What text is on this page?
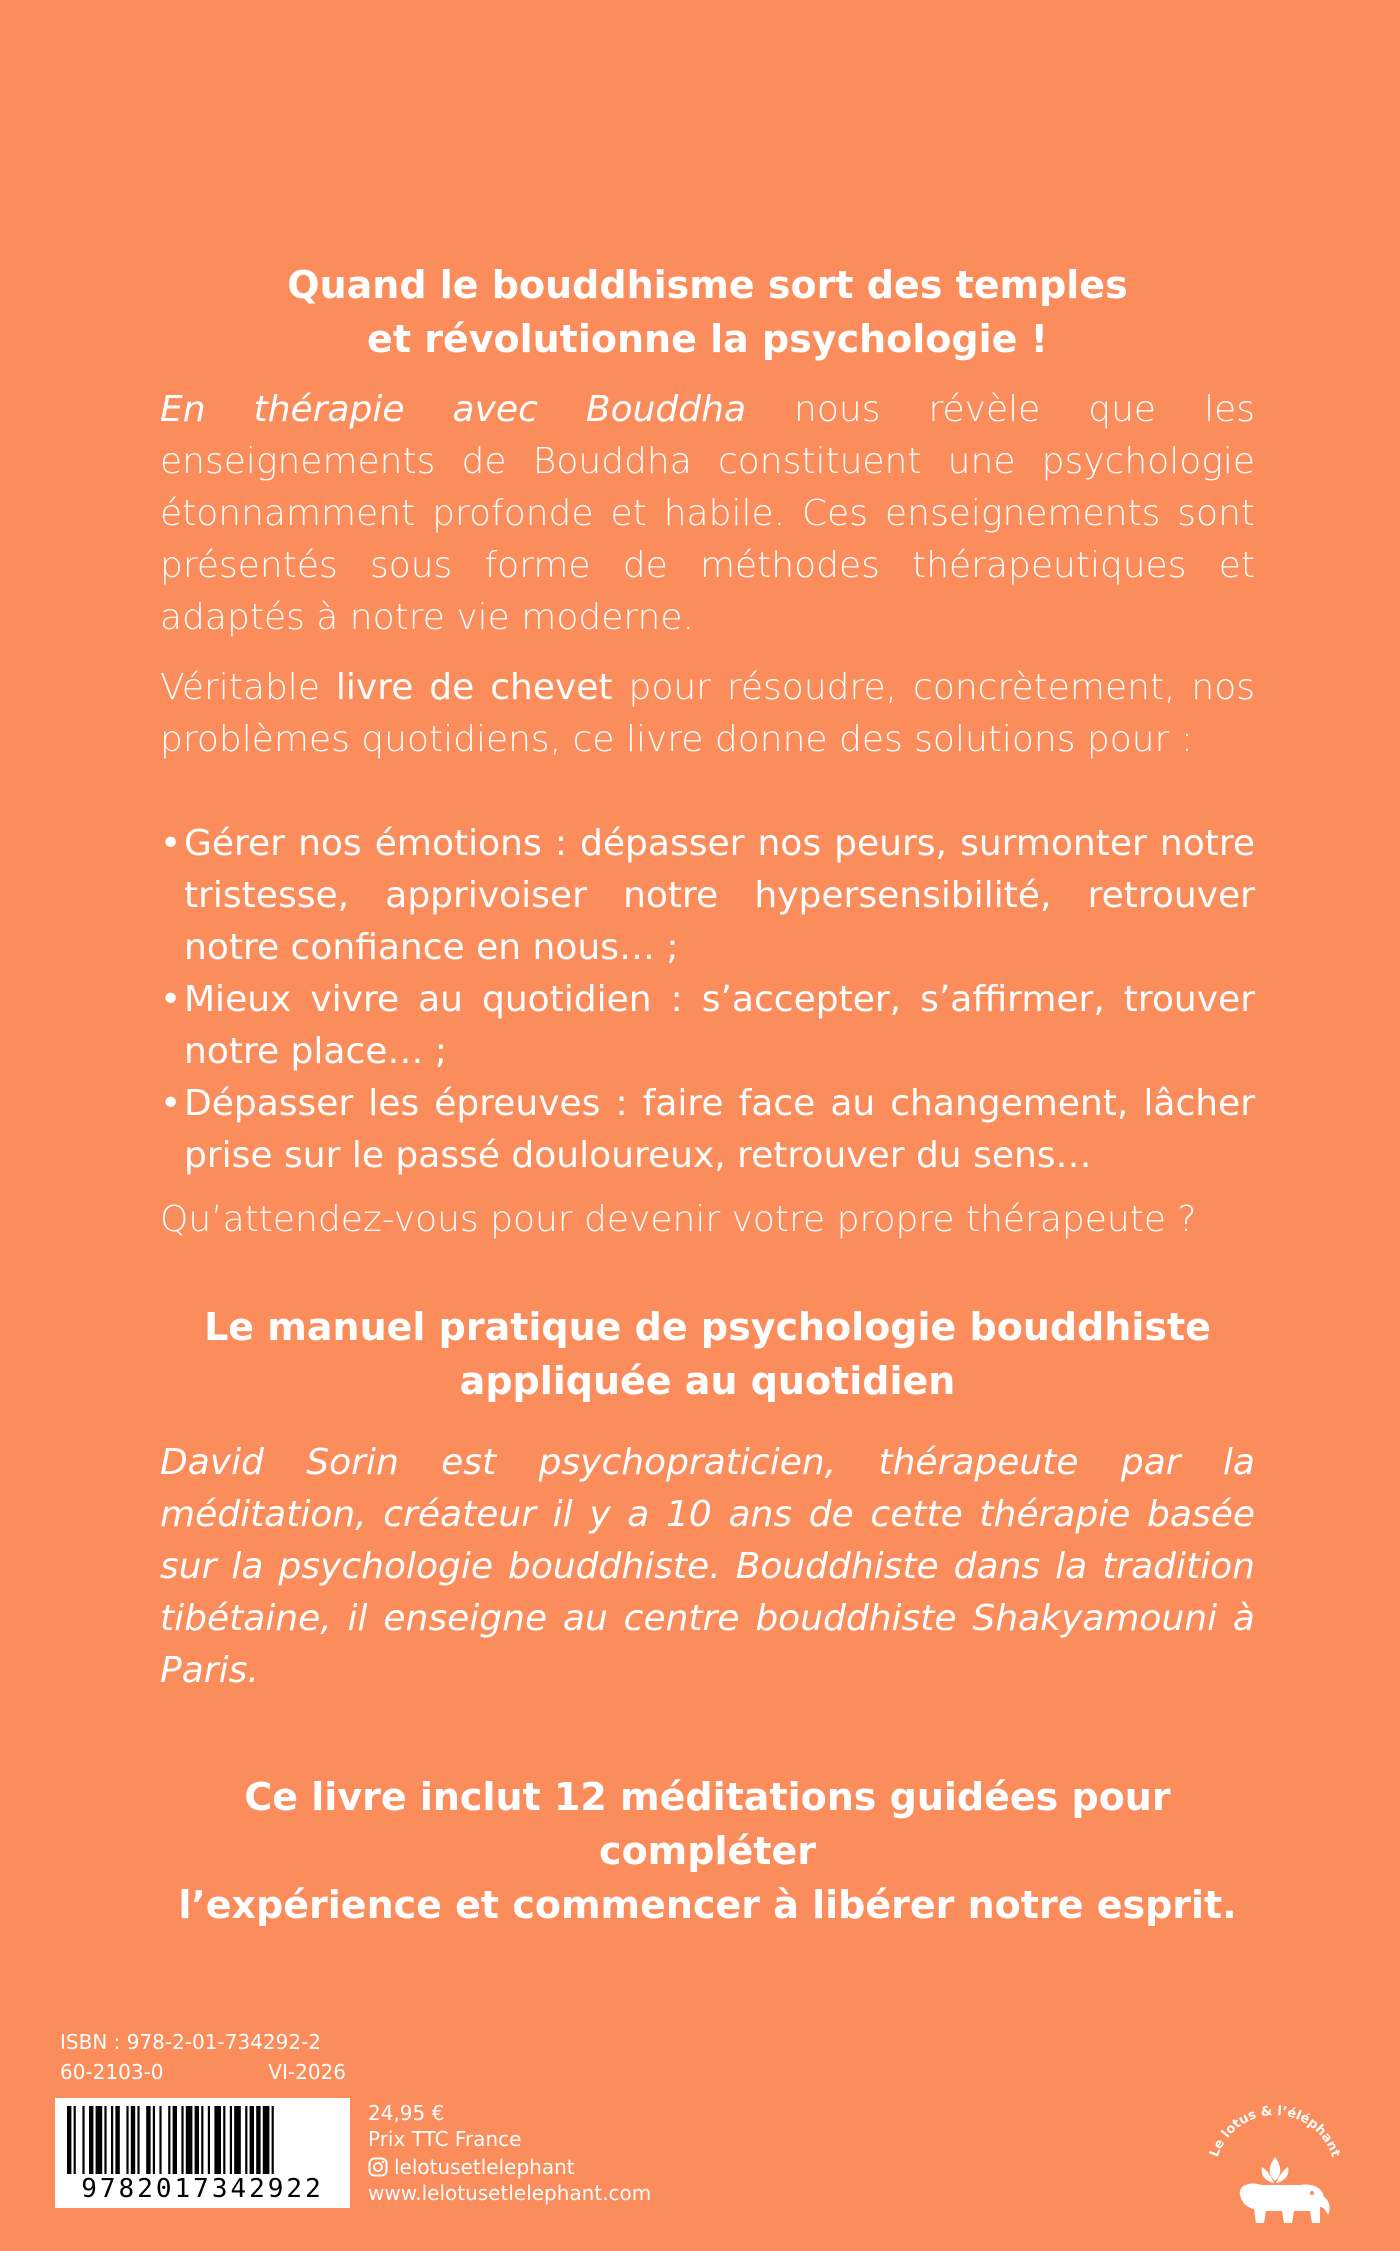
Quand le bouddhisme sort des temples
et révolutionne la psychologie !

En thérapie avec Bouddha nous révèle que les enseignements de Bouddha constituent une psychologie étonnamment profonde et habile. Ces enseignements sont présentés sous forme de méthodes thérapeutiques et adaptés à notre vie moderne.

Véritable livre de chevet pour résoudre, concrètement, nos problèmes quotidiens, ce livre donne des solutions pour :

• Gérer nos émotions : dépasser nos peurs, surmonter notre tristesse, apprivoiser notre hypersensibilité, retrouver notre confiance en nous… ;
• Mieux vivre au quotidien : s’accepter, s’affirmer, trouver notre place… ;
• Dépasser les épreuves : faire face au changement, lâcher prise sur le passé douloureux, retrouver du sens…

Qu’attendez-vous pour devenir votre propre thérapeute ?

Le manuel pratique de psychologie bouddhiste
appliquée au quotidien

David Sorin est psychopraticien, thérapeute par la méditation, créateur il y a 10 ans de cette thérapie basée sur la psychologie bouddhiste. Bouddhiste dans la tradition tibétaine, il enseigne au centre bouddhiste Shakyamouni à Paris.

Ce livre inclut 12 méditations guidées pour compléter
l’expérience et commencer à libérer notre esprit.
ISBN : 978-2-01-734292-2
60-2103-0	VI-2026
9782017342922
24,95 €
Prix TTC France
lelotusetlelephant
www.lelotusetlelephant.com
Le lotus & l’éléphant
